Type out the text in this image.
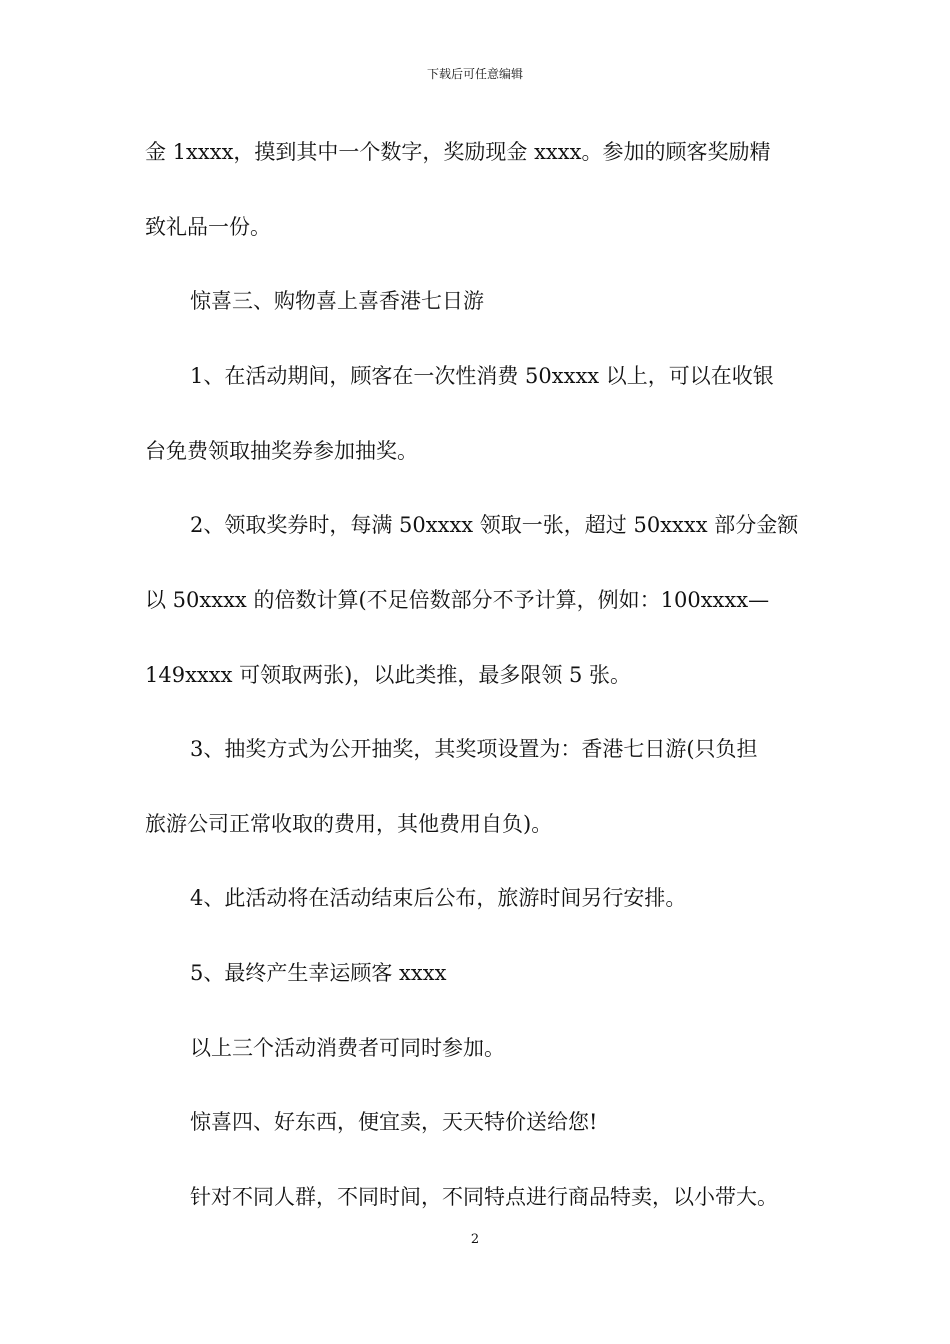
下载后可任意编辑
金 1xxxx，摸到其中一个数字，奖励现金 xxxx。参加的顾客奖励精
致礼品一份。
惊喜三、购物喜上喜香港七日游
1、在活动期间，顾客在一次性消费 50xxxx 以上，可以在收银
台免费领取抽奖券参加抽奖。
2、领取奖券时，每满 50xxxx 领取一张，超过 50xxxx 部分金额
以 50xxxx 的倍数计算(不足倍数部分不予计算，例如：100xxxx—
149xxxx 可领取两张)，以此类推，最多限领 5 张。
3、抽奖方式为公开抽奖，其奖项设置为：香港七日游(只负担
旅游公司正常收取的费用，其他费用自负)。
4、此活动将在活动结束后公布，旅游时间另行安排。
5、最终产生幸运顾客 xxxx
以上三个活动消费者可同时参加。
惊喜四、好东西，便宜卖，天天特价送给您!
针对不同人群，不同时间，不同特点进行商品特卖，以小带大。
2
